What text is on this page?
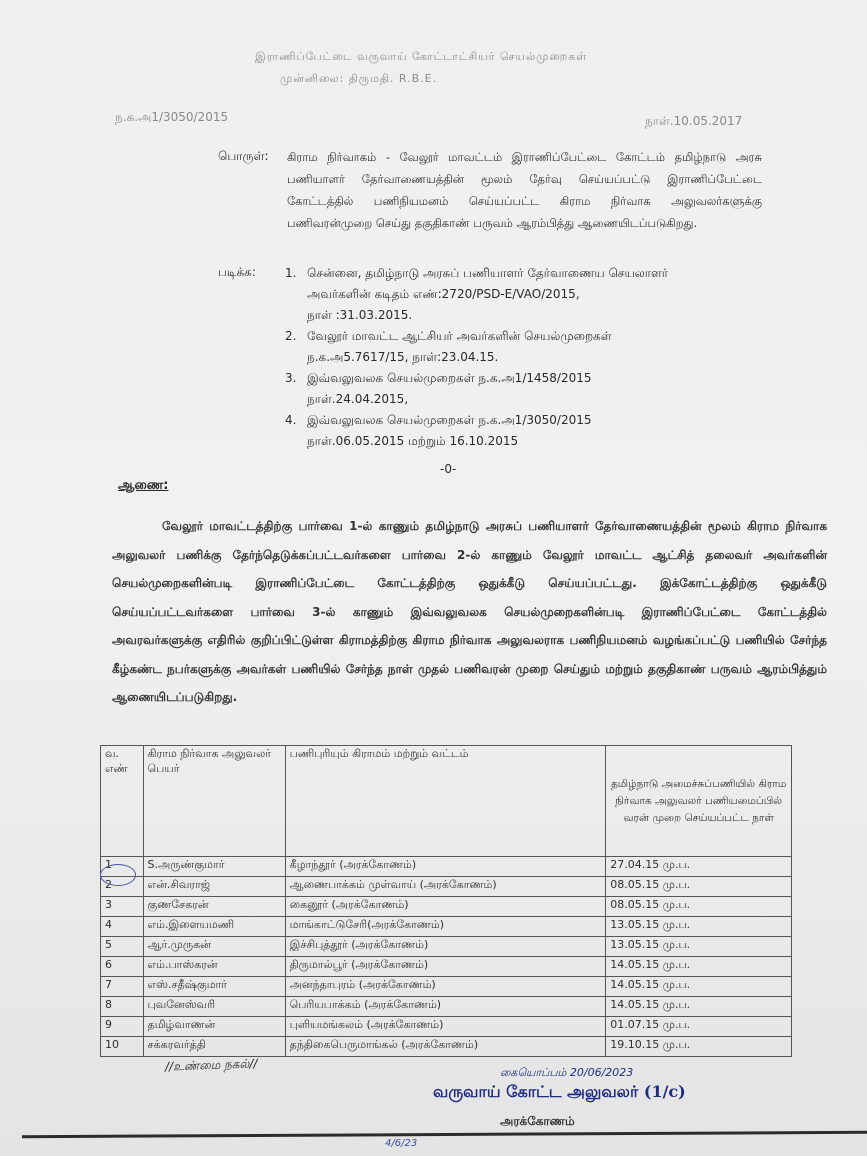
இராணிப்பேட்டை வருவாய் கோட்டாட்சியர் செயல்முறைகள்
முன்னிலை: திருமதி. R.B.E.
ந.க.அ1/3050/2015	நாள்.10.05.2017
பொருள்: கிராம நிர்வாகம் - வேலூர் மாவட்டம் இராணிப்பேட்டை கோட்டம் தமிழ்நாடு அரசு பணியாளர் தேர்வாணையத்தின் மூலம் தேர்வு செய்யப்பட்டு இராணிப்பேட்டை கோட்டத்தில் பணிநியமனம் செய்யப்பட்ட கிராம நிர்வாக அலுவலர்களுக்கு பணிவரன்முறை செய்து தகுதிகாண் பருவம் ஆரம்பித்து ஆணையிடப்படுகிறது.
படிக்க: 1. சென்னை, தமிழ்நாடு அரசுப் பணியாளர் தேர்வாணைய செயலாளர்
அவர்களின் கடிதம் எண்:2720/PSD-E/VAO/2015,
நாள் :31.03.2015.
2. வேலூர் மாவட்ட ஆட்சியர் அவர்களின் செயல்முறைகள்
ந.க.அ5.7617/15, நாள்:23.04.15.
3. இவ்வலுவலக செயல்முறைகள் ந.க.அ1/1458/2015
நாள்.24.04.2015,
4. இவ்வலுவலக செயல்முறைகள் ந.க.அ1/3050/2015
நாள்.06.05.2015 மற்றும் 16.10.2015
-0-
ஆணை:
வேலூர் மாவட்டத்திற்கு பார்வை 1-ல் காணும் தமிழ்நாடு அரசுப் பணியாளர் தேர்வாணையத்தின் மூலம் கிராம நிர்வாக அலுவலர் பணிக்கு தேர்ந்தெடுக்கப்பட்டவர்களை பார்வை 2-ல் காணும் வேலூர் மாவட்ட ஆட்சித் தலைவர் அவர்களின் செயல்முறைகளின்படி இராணிப்பேட்டை கோட்டத்திற்கு ஒதுக்கீடு செய்யப்பட்டது. இக்கோட்டத்திற்கு ஒதுக்கீடு செய்யப்பட்டவர்களை பார்வை 3-ல் காணும் இவ்வலுவலக செயல்முறைகளின்படி இராணிப்பேட்டை கோட்டத்தில் அவரவர்களுக்கு எதிரில் குறிப்பிட்டுள்ள கிராமத்திற்கு கிராம நிர்வாக அலுவலராக பணிநியமனம் வழங்கப்பட்டு பணியில் சேர்ந்த கீழ்கண்ட நபர்களுக்கு அவர்கள் பணியில் சேர்ந்த நாள் முதல் பணிவரன் முறை செய்தும் மற்றும் தகுதிகாண் பருவம் ஆரம்பித்தும் ஆணையிடப்படுகிறது.
வ. எண்	கிராம நிர்வாக அலுவலர் பெயர்	பணிபுரியும் கிராமம் மற்றும் வட்டம்	தமிழ்நாடு அமைச்சுப்பணியில் கிராம நிர்வாக அலுவலர் பணியமைப்பில் வரன் முறை செய்யப்பட்ட நாள்
1	S.அருண்குமார்	கீழாந்தூர் (அரக்கோணம்)	27.04.15 மு.ப.
2	என்.சிவராஜ்	ஆணைபாக்கம் முள்வாய் (அரக்கோணம்)	08.05.15 மு.ப.
3	குணசேகரன்	கைனூர் (அரக்கோணம்)	08.05.15 மு.ப.
4	எம்.இளையமணி	மாங்காட்டுசேரி(அரக்கோணம்)	13.05.15 மு.ப.
5	ஆர்.முருகன்	இச்சிபுத்தூர் (அரக்கோணம்)	13.05.15 மு.ப.
6	எம்.பாஸ்கரன்	திருமால்பூர் (அரக்கோணம்)	14.05.15 மு.ப.
7	எஸ்.சதீஷ்குமார்	அனந்தாபுரம் (அரக்கோணம்)	14.05.15 மு.ப.
8	புவனேஸ்வரி	பெரியபாக்கம் (அரக்கோணம்)	14.05.15 மு.ப.
9	தமிழ்வாணன்	புளியமங்கலம் (அரக்கோணம்)	01.07.15 மு.ப.
10	சக்கரவர்த்தி	தந்திகைபெருமாங்கல் (அரக்கோணம்)	19.10.15 மு.ப.
//உண்மை நகல்//	கையொப்பம் 20/06/2023
வருவாய் கோட்ட அலுவலர் (1/c)
அரக்கோணம்
4/6/23
